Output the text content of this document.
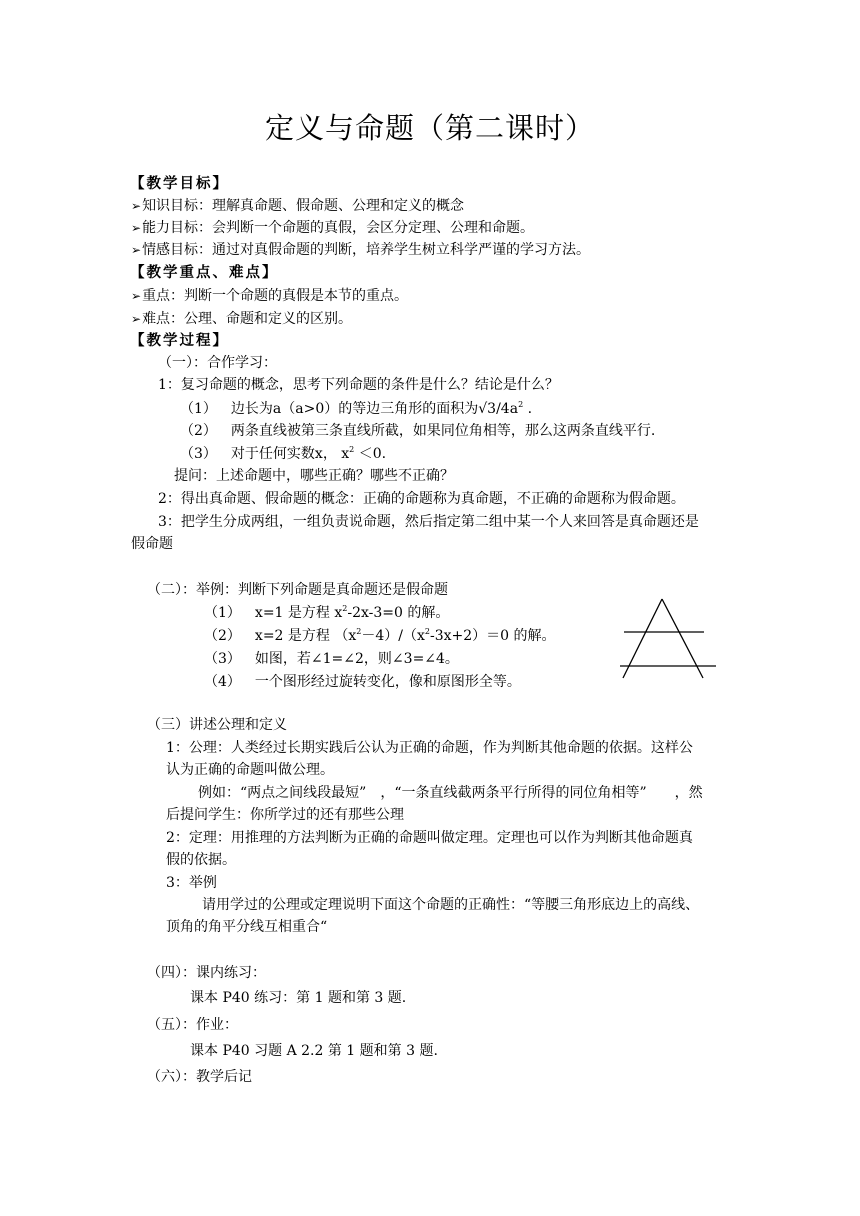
定义与命题（第二课时）
【教学目标】
➢知识目标：理解真命题、假命题、公理和定义的概念
➢能力目标：会判断一个命题的真假，会区分定理、公理和命题。
➢情感目标：通过对真假命题的判断，培养学生树立科学严谨的学习方法。
【教学重点、难点】
➢重点：判断一个命题的真假是本节的重点。
➢难点：公理、命题和定义的区别。
【教学过程】
（一）：合作学习：
1：复习命题的概念，思考下列命题的条件是什么？结论是什么？
（1） 边长为a（a>0）的等边三角形的面积为$√3/4a^2$ .
（2） 两条直线被第三条直线所截，如果同位角相等，那么这两条直线平行.
（3） 对于任何实数x， $x^2 <0$.
提问：上述命题中，哪些正确？哪些不正确？
2：得出真命题、假命题的概念：正确的命题称为真命题，不正确的命题称为假命题。
3：把学生分成两组，一组负责说命题，然后指定第二组中某一个人来回答是真命题还是
假命题
（二）：举例：判断下列命题是真命题还是假命题
（1） x=1 是方程 $x^2-2x-3=0$ 的解。
（2） x=2 是方程 $(x^2-4)/(x^2-3x+2)=0$ 的解。
（3） 如图，若∠1=∠2，则∠3=∠4。
（4） 一个图形经过旋转变化，像和原图形全等。
（三）讲述公理和定义
1：公理：人类经过长期实践后公认为正确的命题，作为判断其他命题的依据。这样公
认为正确的命题叫做公理。
例如：“两点之间线段最短” ，“一条直线截两条平行所得的同位角相等” ，然
后提问学生：你所学过的还有那些公理
2：定理：用推理的方法判断为正确的命题叫做定理。定理也可以作为判断其他命题真
假的依据。
3：举例
请用学过的公理或定理说明下面这个命题的正确性：“等腰三角形底边上的高线、
顶角的角平分线互相重合“
（四）：课内练习：
课本 P40 练习：第 1 题和第 3 题.
（五）：作业：
课本 P40 习题 A 2.2 第 1 题和第 3 题.
（六）：教学后记
